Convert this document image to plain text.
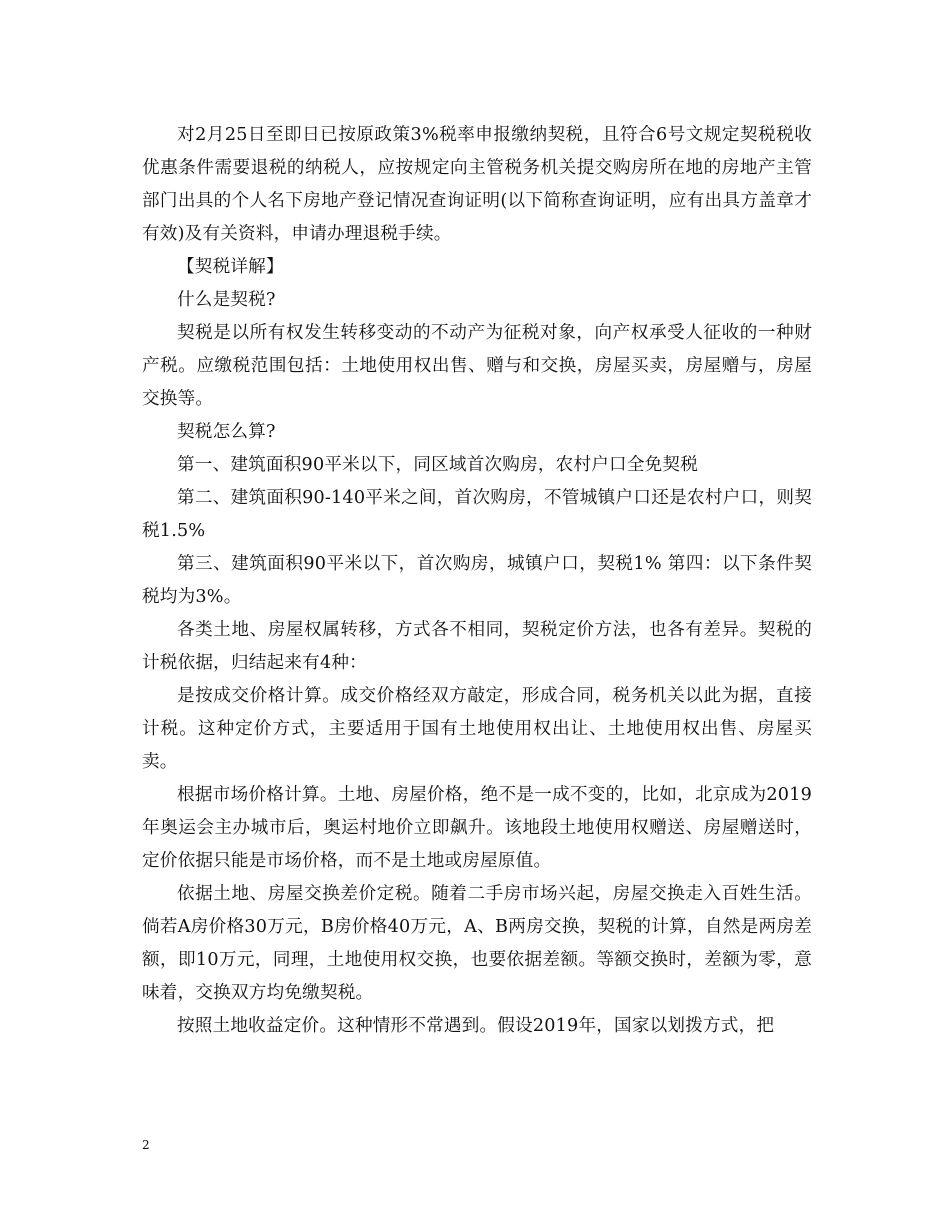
对2月25日至即日已按原政策3%税率申报缴纳契税，且符合6号文规定契税税收优惠条件需要退税的纳税人，应按规定向主管税务机关提交购房所在地的房地产主管部门出具的个人名下房地产登记情况查询证明(以下简称查询证明，应有出具方盖章才有效)及有关资料，申请办理退税手续。

【契税详解】

什么是契税?

契税是以所有权发生转移变动的不动产为征税对象，向产权承受人征收的一种财产税。应缴税范围包括：土地使用权出售、赠与和交换，房屋买卖，房屋赠与，房屋交换等。

契税怎么算?

第一、建筑面积90平米以下，同区域首次购房，农村户口全免契税

第二、建筑面积90-140平米之间，首次购房，不管城镇户口还是农村户口，则契税1.5%

第三、建筑面积90平米以下，首次购房，城镇户口，契税1% 第四：以下条件契税均为3%。

各类土地、房屋权属转移，方式各不相同，契税定价方法，也各有差异。契税的计税依据，归结起来有4种：

是按成交价格计算。成交价格经双方敲定，形成合同，税务机关以此为据，直接计税。这种定价方式，主要适用于国有土地使用权出让、土地使用权出售、房屋买卖。

根据市场价格计算。土地、房屋价格，绝不是一成不变的，比如，北京成为2019年奥运会主办城市后，奥运村地价立即飙升。该地段土地使用权赠送、房屋赠送时，定价依据只能是市场价格，而不是土地或房屋原值。

依据土地、房屋交换差价定税。随着二手房市场兴起，房屋交换走入百姓生活。倘若A房价格30万元，B房价格40万元，A、B两房交换，契税的计算，自然是两房差额，即10万元，同理，土地使用权交换，也要依据差额。等额交换时，差额为零，意味着，交换双方均免缴契税。

按照土地收益定价。这种情形不常遇到。假设2019年，国家以划拨方式，把

2
